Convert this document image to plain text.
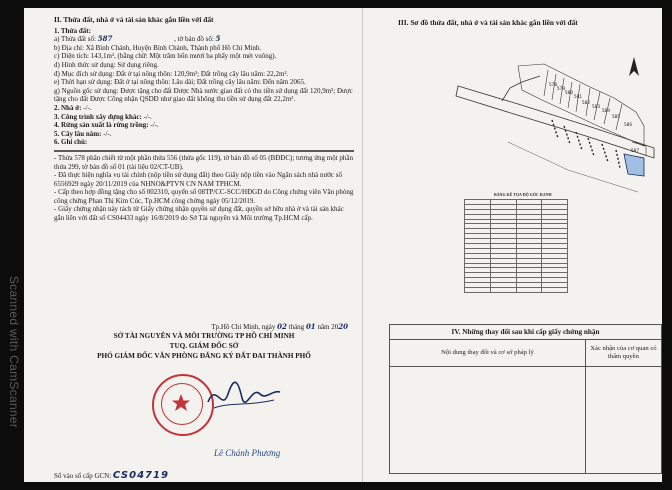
II. Thửa đất, nhà ở và tài sản khác gắn liền với đất
1. Thửa đất:
a) Thửa đất số: 587	, tờ bản đồ số: 5
b) Địa chỉ: Xã Bình Chánh, Huyện Bình Chánh, Thành phố Hồ Chí Minh.
c) Diện tích: 143,1m², (bằng chữ: Một trăm bốn mươi ba phẩy một mét vuông).
d) Hình thức sử dụng: Sử dụng riêng.
đ) Mục đích sử dụng: Đất ở tại nông thôn: 120,9m²; Đất trồng cây lâu năm: 22,2m².
e) Thời hạn sử dụng: Đất ở tại nông thôn: Lâu dài; Đất trồng cây lâu năm: Đến năm 2065.
g) Nguồn gốc sử dụng: Được tặng cho đất Được Nhà nước giao đất có thu tiền sử dụng đất 120,9m²; Được tặng cho đất Được Công nhận QSDĐ như giao đất không thu tiền sử dụng đất 22,2m².
2. Nhà ở: -/-.
3. Công trình xây dựng khác: -/-.
4. Rừng sản xuất là rừng trồng: -/-.
5. Cây lâu năm: -/-.
6. Ghi chú:
- Thửa 578 phân chiết từ một phần thửa 556 (thửa gốc 119), tờ bản đồ số 05 (BĐĐC); tương ứng một phần thửa 299, tờ bản đồ số 01 (tài liệu 02/CT-UB).
- Đã thực hiện nghĩa vụ tài chính (nộp tiền sử dụng đất) theo Giấy nộp tiền vào Ngân sách nhà nước số 6556929 ngày 20/11/2019 của NHNO&PTVN CN NAM TPHCM.
- Cấp theo hợp đồng tặng cho số 002310, quyển số 08TP/CC-SCC/HĐGD do Công chứng viên Văn phòng công chứng Phan Thị Kim Cúc, Tp.HCM công chứng ngày 05/12/2019.
- Giấy chứng nhận này tách từ Giấy chứng nhận quyền sử dụng đất, quyền sở hữu nhà ở và tài sản khác gắn liền với đất số CS04433 ngày 16/8/2019 do Sở Tài nguyên và Môi trường Tp.HCM cấp.
Tp.Hồ Chí Minh, ngày 02 tháng 01 năm 2020
SỞ TÀI NGUYÊN VÀ MÔI TRƯỜNG TP HỒ CHÍ MINH
TUQ. GIÁM ĐỐC SỞ
PHÓ GIÁM ĐỐC VĂN PHÒNG ĐĂNG KÝ ĐẤT ĐAI THÀNH PHỐ
Lê Chánh Phương
Số vào sổ cấp GCN: CS04719
III. Sơ đồ thửa đất, nhà ở và tài sản khác gắn liền với đất
578
579
580
581
582
583
584
585
586
587
BẢNG KÊ TỌA ĐỘ GÓC RANH

IV. Những thay đổi sau khi cấp giấy chứng nhận	
Nội dung thay đổi và cơ sở pháp lý	Xác nhận của cơ quan có thẩm quyền

Scanned with CamScanner
